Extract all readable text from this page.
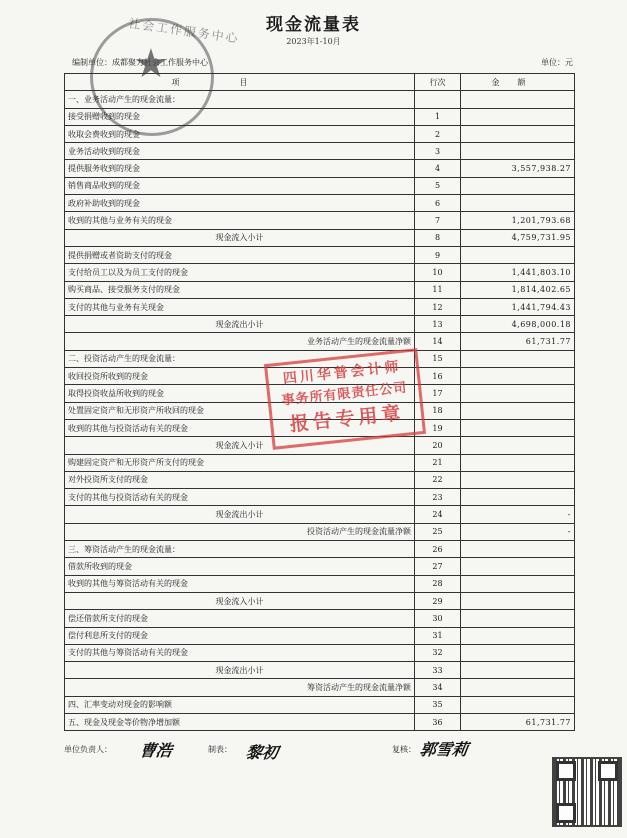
现金流量表
2023年1-10月
编制单位：成都聚力社会工作服务中心	单位：元
★
社会工作服务中心
项目	行次	金额
一、业务活动产生的现金流量：		
接受捐赠收到的现金	1	
收取会费收到的现金	2	
业务活动收到的现金	3	
提供服务收到的现金	4	3,557,938.27
销售商品收到的现金	5	
政府补助收到的现金	6	
收到的其他与业务有关的现金	7	1,201,793.68
现金流入小计	8	4,759,731.95
提供捐赠或者资助支付的现金	9	
支付给员工以及为员工支付的现金	10	1,441,803.10
购买商品、接受服务支付的现金	11	1,814,402.65
支付的其他与业务有关现金	12	1,441,794.43
现金流出小计	13	4,698,000.18
业务活动产生的现金流量净额	14	61,731.77
二、投资活动产生的现金流量：	15	
收回投资所收到的现金	16	
取得投资收益所收到的现金	17	
处置固定资产和无形资产所收回的现金	18	
收到的其他与投资活动有关的现金	19	
现金流入小计	20	
购建固定资产和无形资产所支付的现金	21	
对外投资所支付的现金	22	
支付的其他与投资活动有关的现金	23	
现金流出小计	24	-
投资活动产生的现金流量净额	25	-
三、筹资活动产生的现金流量：	26	
借款所收到的现金	27	
收到的其他与筹资活动有关的现金	28	
现金流入小计	29	
偿还借款所支付的现金	30	
偿付利息所支付的现金	31	
支付的其他与筹资活动有关的现金	32	
现金流出小计	33	
筹资活动产生的现金流量净额	34	
四、汇率变动对现金的影响额	35	
五、现金及现金等价物净增加额	36	61,731.77
四川华普会计师
事务所有限责任公司
报告专用章
单位负责人： 曹浩	制表： 黎初	复核： 郭雪莉
